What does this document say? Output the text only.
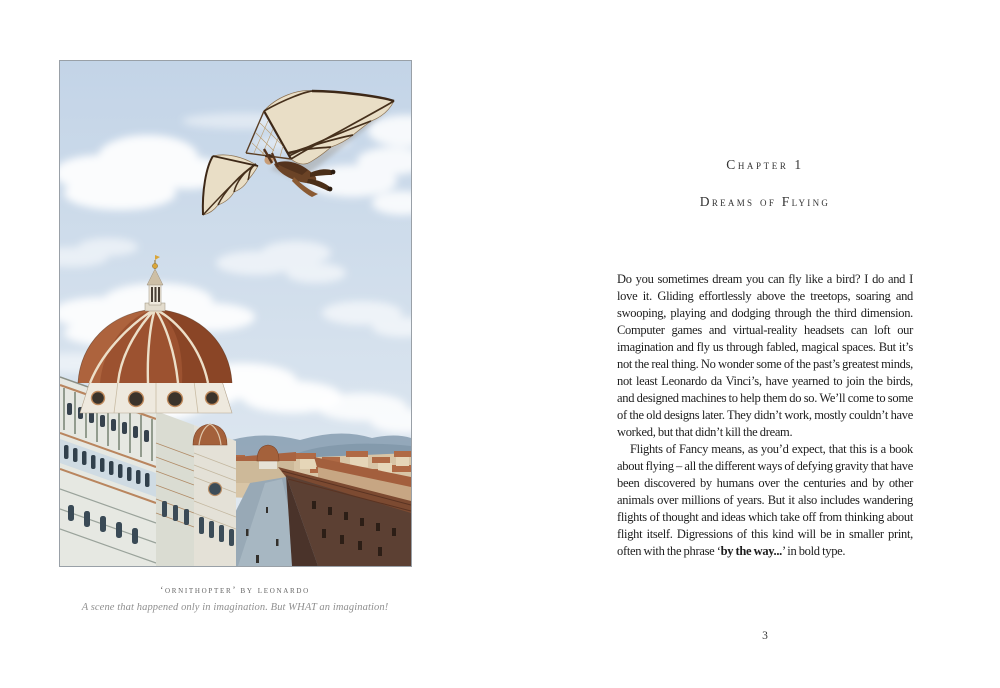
‘ornithopter’ by leonardo
A scene that happened only in imagination. But WHAT an imagination!
Chapter 1
Dreams of Flying

Do you sometimes dream you can fly like a bird? I do and I love it. Gliding effortlessly above the treetops, soaring and swooping, playing and dodging through the third dimension. Computer games and virtual-reality headsets can loft our imagination and fly us through fabled, magical spaces. But it’s not the real thing. No wonder some of the past’s greatest minds, not least Leonardo da Vinci’s, have yearned to join the birds, and designed machines to help them do so. We’ll come to some of the old designs later. They didn’t work, mostly couldn’t have worked, but that didn’t kill the dream.

Flights of Fancy means, as you’d expect, that this is a book about flying – all the different ways of defying gravity that have been discovered by humans over the centuries and by other animals over millions of years. But it also includes wandering flights of thought and ideas which take off from thinking about flight itself. Digressions of this kind will be in smaller print, often with the phrase ‘by the way...’ in bold type.

3
